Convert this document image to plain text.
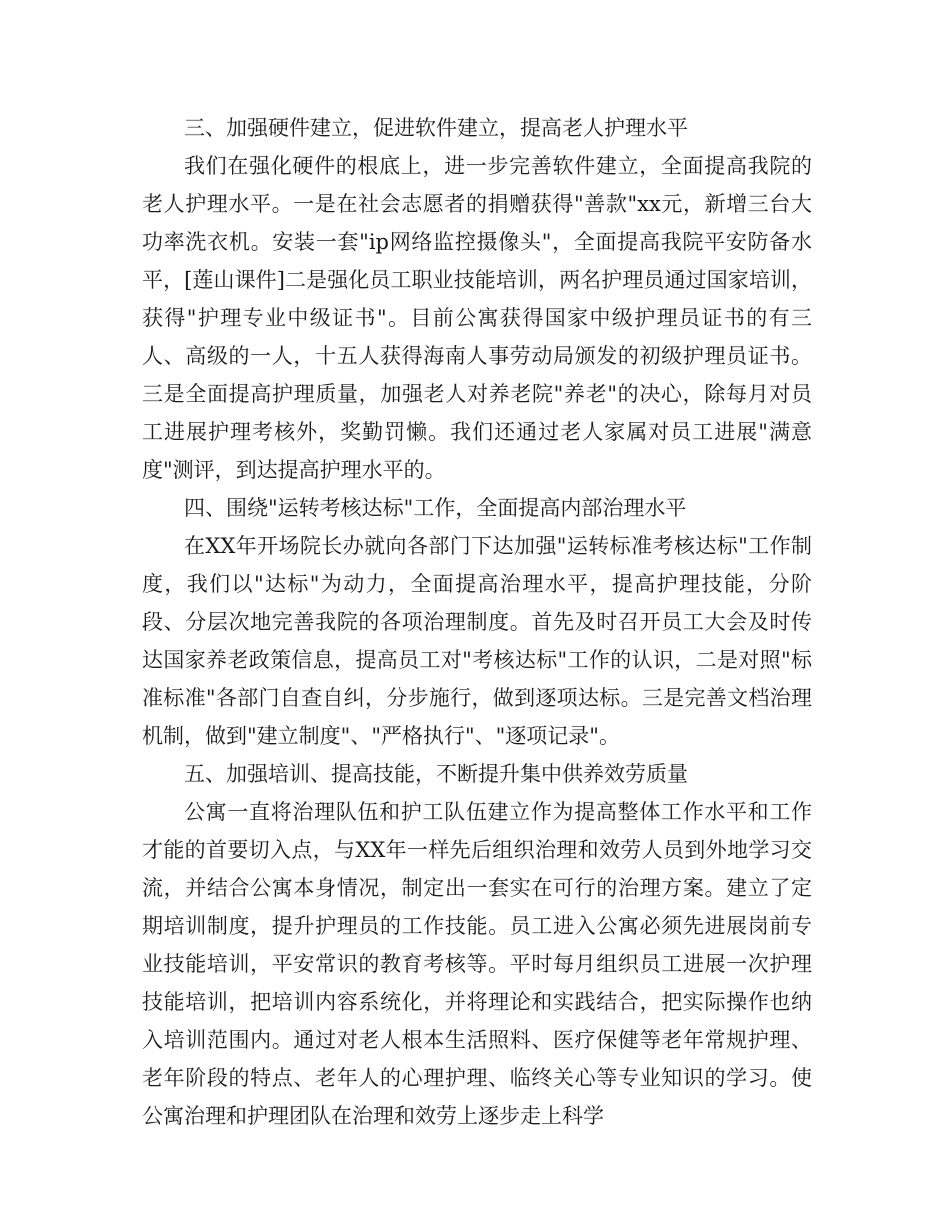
三、加强硬件建立，促进软件建立，提高老人护理水平

我们在强化硬件的根底上，进一步完善软件建立，全面提高我院的老人护理水平。一是在社会志愿者的捐赠获得"善款"xx元，新增三台大功率洗衣机。安装一套"ip网络监控摄像头"，全面提高我院平安防备水平，[莲山课件]二是强化员工职业技能培训，两名护理员通过国家培训，获得"护理专业中级证书"。目前公寓获得国家中级护理员证书的有三人、高级的一人，十五人获得海南人事劳动局颁发的初级护理员证书。三是全面提高护理质量，加强老人对养老院"养老"的决心，除每月对员工进展护理考核外，奖勤罚懒。我们还通过老人家属对员工进展"满意度"测评，到达提高护理水平的。

四、围绕"运转考核达标"工作，全面提高内部治理水平

在XX年开场院长办就向各部门下达加强"运转标准考核达标"工作制度，我们以"达标"为动力，全面提高治理水平，提高护理技能，分阶段、分层次地完善我院的各项治理制度。首先及时召开员工大会及时传达国家养老政策信息，提高员工对"考核达标"工作的认识，二是对照"标准标准"各部门自查自纠，分步施行，做到逐项达标。三是完善文档治理机制，做到"建立制度"、"严格执行"、"逐项记录"。

五、加强培训、提高技能，不断提升集中供养效劳质量

公寓一直将治理队伍和护工队伍建立作为提高整体工作水平和工作才能的首要切入点，与XX年一样先后组织治理和效劳人员到外地学习交流，并结合公寓本身情况，制定出一套实在可行的治理方案。建立了定期培训制度，提升护理员的工作技能。员工进入公寓必须先进展岗前专业技能培训，平安常识的教育考核等。平时每月组织员工进展一次护理技能培训，把培训内容系统化，并将理论和实践结合，把实际操作也纳入培训范围内。通过对老人根本生活照料、医疗保健等老年常规护理、老年阶段的特点、老年人的心理护理、临终关心等专业知识的学习。使公寓治理和护理团队在治理和效劳上逐步走上科学
